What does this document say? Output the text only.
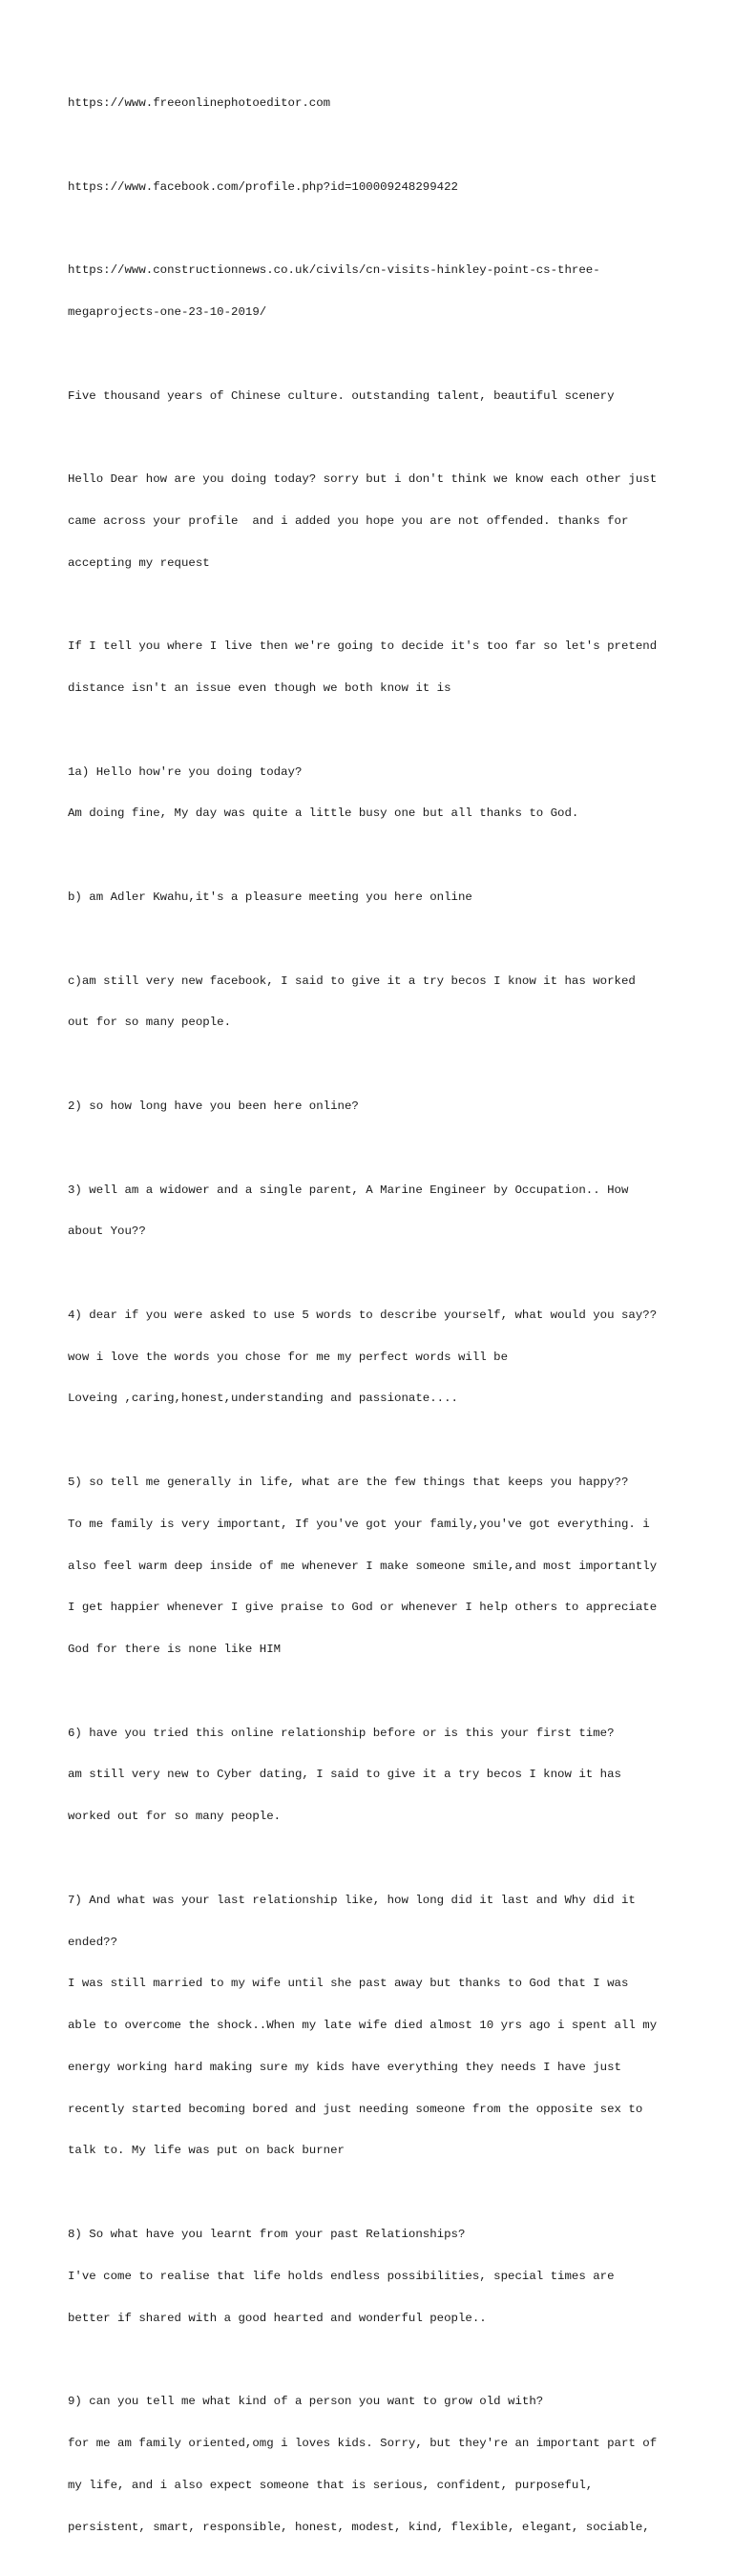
https://www.freeonlinephotoeditor.com

https://www.facebook.com/profile.php?id=100009248299422

https://www.constructionnews.co.uk/civils/cn-visits-hinkley-point-cs-three-

megaprojects-one-23-10-2019/

Five thousand years of Chinese culture. outstanding talent, beautiful scenery

Hello Dear how are you doing today? sorry but i don't think we know each other just

came across your profile  and i added you hope you are not offended. thanks for

accepting my request

If I tell you where I live then we're going to decide it's too far so let's pretend

distance isn't an issue even though we both know it is

1a) Hello how're you doing today?

Am doing fine, My day was quite a little busy one but all thanks to God.

b) am Adler Kwahu,it's a pleasure meeting you here online

c)am still very new facebook, I said to give it a try becos I know it has worked

out for so many people.

2) so how long have you been here online?

3) well am a widower and a single parent, A Marine Engineer by Occupation.. How

about You??

4) dear if you were asked to use 5 words to describe yourself, what would you say??

wow i love the words you chose for me my perfect words will be

Loveing ,caring,honest,understanding and passionate....

5) so tell me generally in life, what are the few things that keeps you happy??

To me family is very important, If you've got your family,you've got everything. i

also feel warm deep inside of me whenever I make someone smile,and most importantly

I get happier whenever I give praise to God or whenever I help others to appreciate

God for there is none like HIM

6) have you tried this online relationship before or is this your first time?

am still very new to Cyber dating, I said to give it a try becos I know it has

worked out for so many people.

7) And what was your last relationship like, how long did it last and Why did it

ended??

I was still married to my wife until she past away but thanks to God that I was

able to overcome the shock..When my late wife died almost 10 yrs ago i spent all my

energy working hard making sure my kids have everything they needs I have just

recently started becoming bored and just needing someone from the opposite sex to

talk to. My life was put on back burner

8) So what have you learnt from your past Relationships?

I've come to realise that life holds endless possibilities, special times are

better if shared with a good hearted and wonderful people..

9) can you tell me what kind of a person you want to grow old with?

for me am family oriented,omg i loves kids. Sorry, but they're an important part of

my life, and i also expect someone that is serious, confident, purposeful,

persistent, smart, responsible, honest, modest, kind, flexible, elegant, sociable,
